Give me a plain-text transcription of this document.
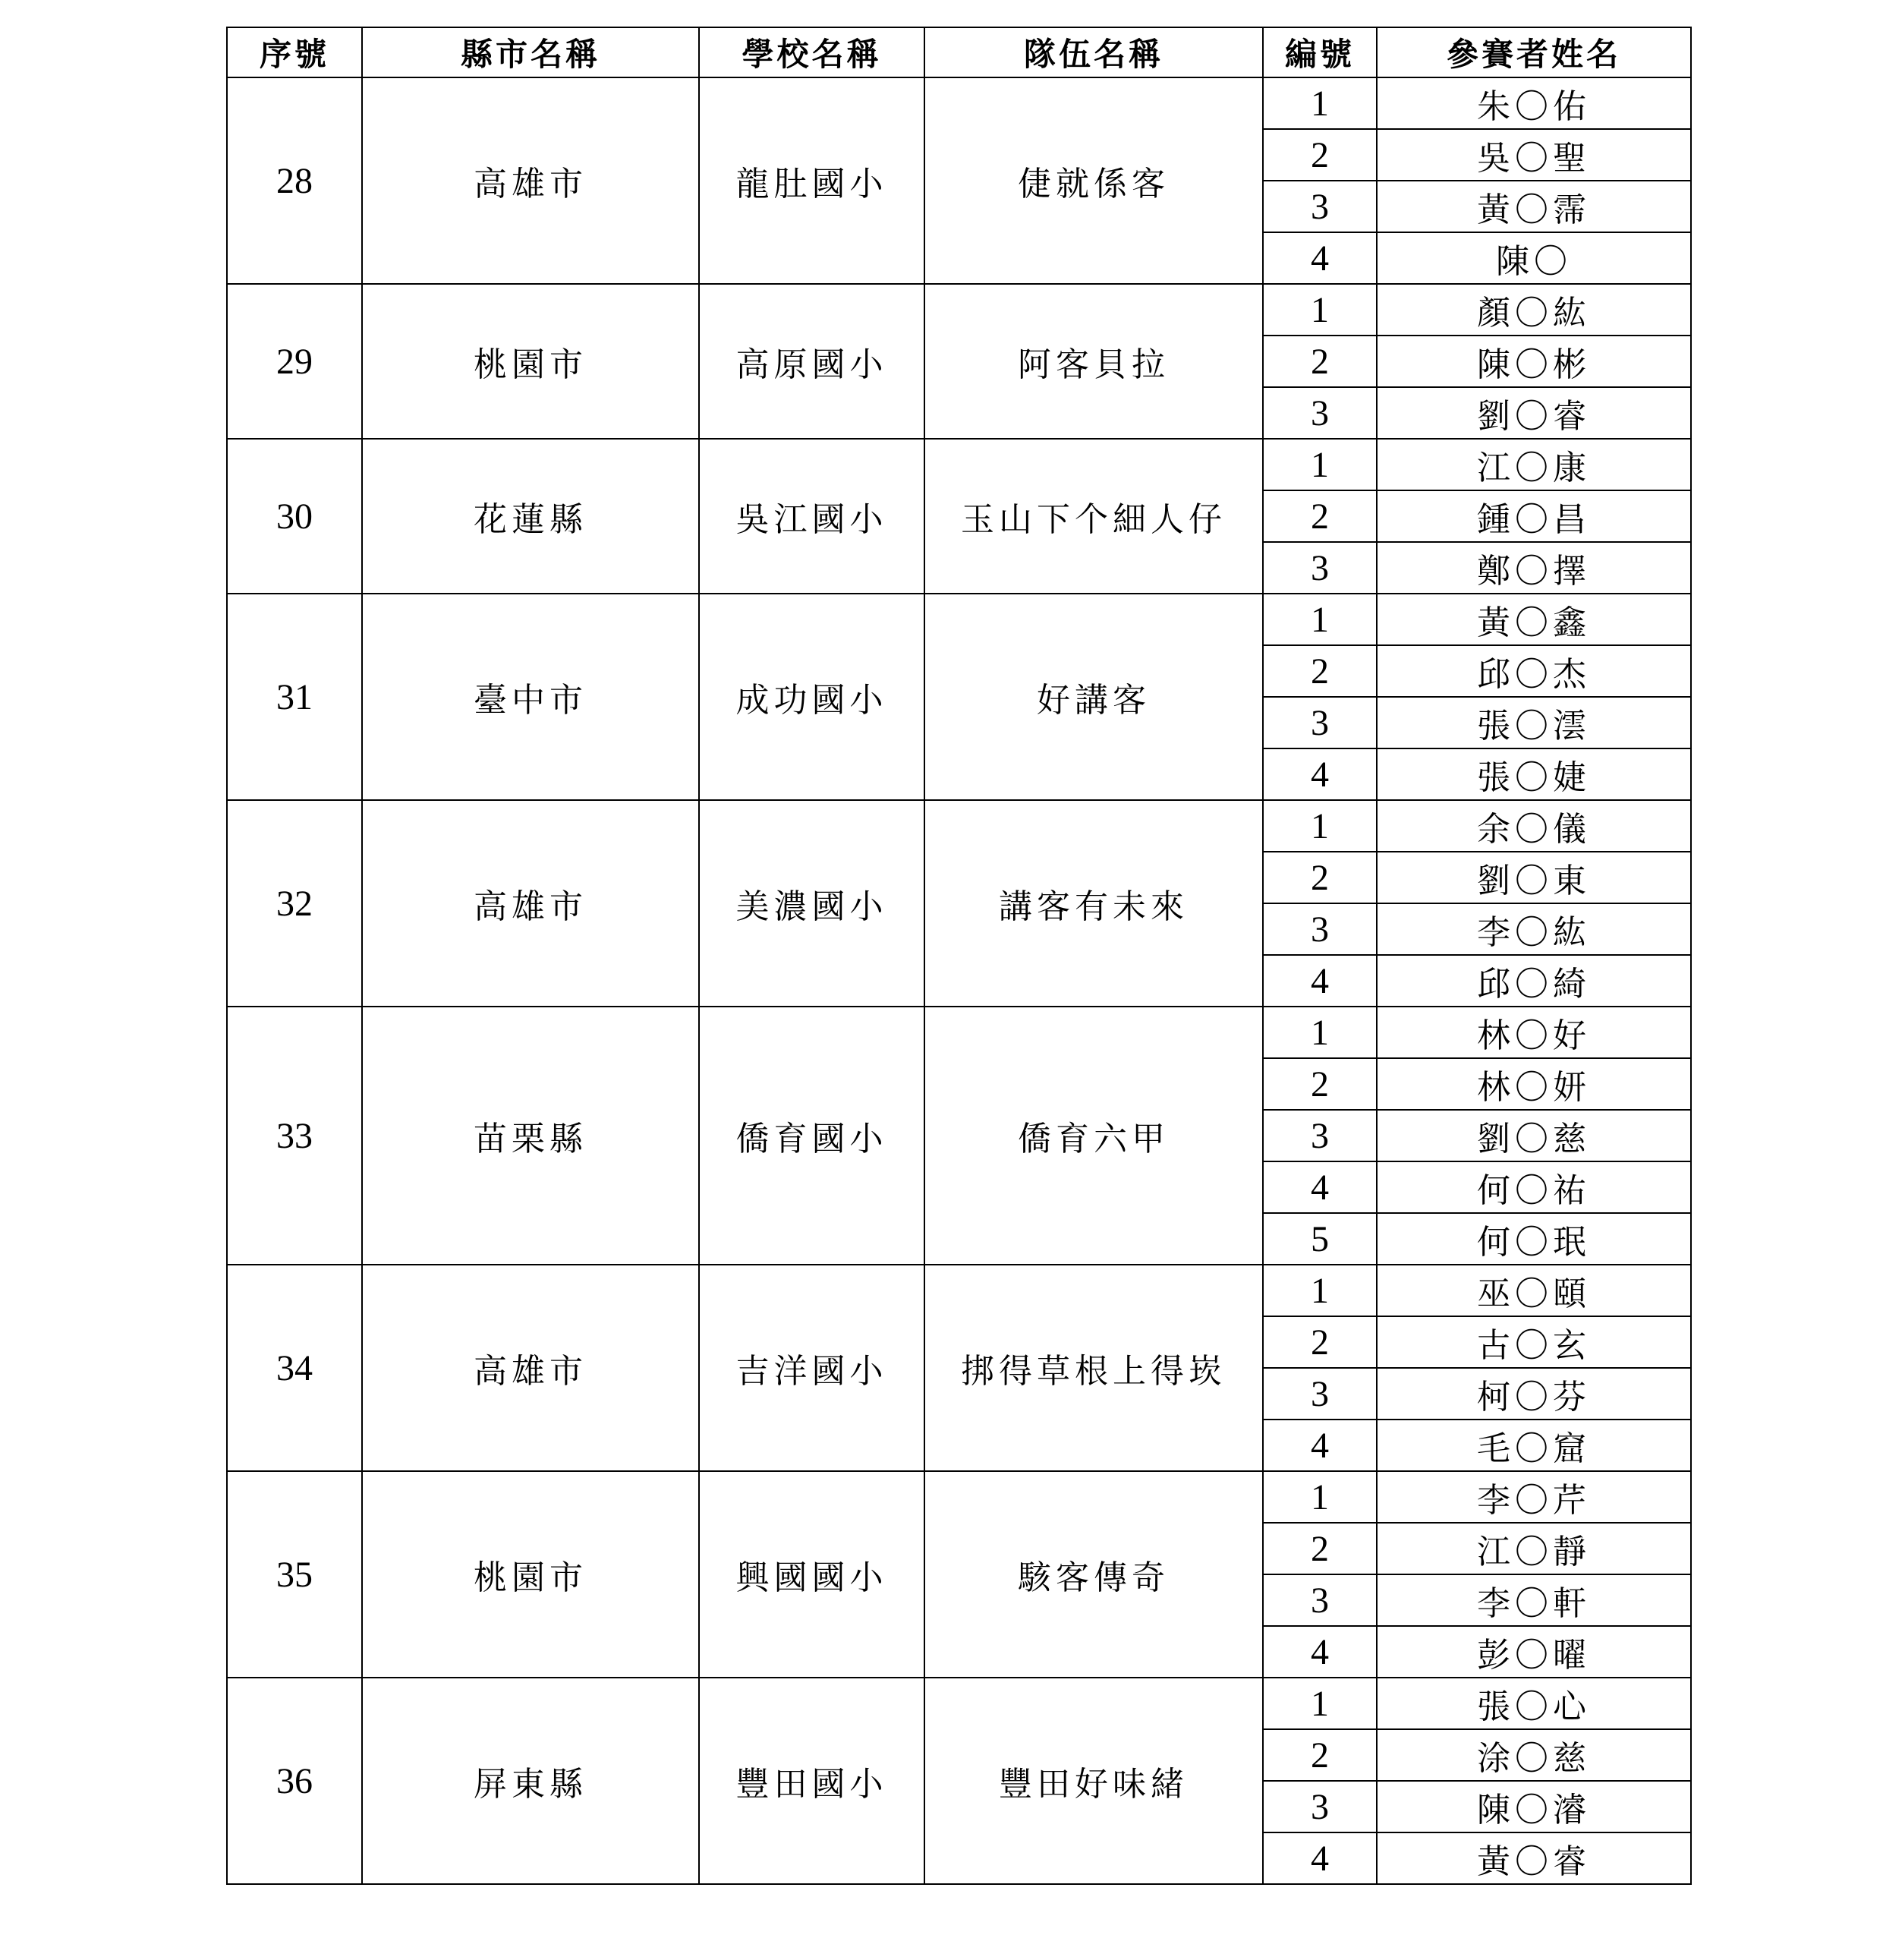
序號	縣市名稱	學校名稱	隊伍名稱	編號	參賽者姓名
28	高雄市	龍肚國小	倢就係客	1	朱〇佑
				2	吳〇聖
				3	黃〇霈
				4	陳〇
29	桃園市	高原國小	阿客貝拉	1	顏〇紘
				2	陳〇彬
				3	劉〇睿
30	花蓮縣	吳江國小	玉山下个細人仔	1	江〇康
				2	鍾〇昌
				3	鄭〇擇
31	臺中市	成功國小	好講客	1	黃〇鑫
				2	邱〇杰
				3	張〇澐
				4	張〇婕
32	高雄市	美濃國小	講客有未來	1	余〇儀
				2	劉〇東
				3	李〇紘
				4	邱〇綺
33	苗栗縣	僑育國小	僑育六甲	1	林〇好
				2	林〇妍
				3	劉〇慈
				4	何〇祐
				5	何〇珉
34	高雄市	吉洋國小	挷得草根上得崁	1	巫〇頤
				2	古〇玄
				3	柯〇芬
				4	毛〇窟
35	桃園市	興國國小	駭客傳奇	1	李〇芹
				2	江〇靜
				3	李〇軒
				4	彭〇曜
36	屏東縣	豐田國小	豐田好味緒	1	張〇心
				2	涂〇慈
				3	陳〇濬
				4	黃〇睿
